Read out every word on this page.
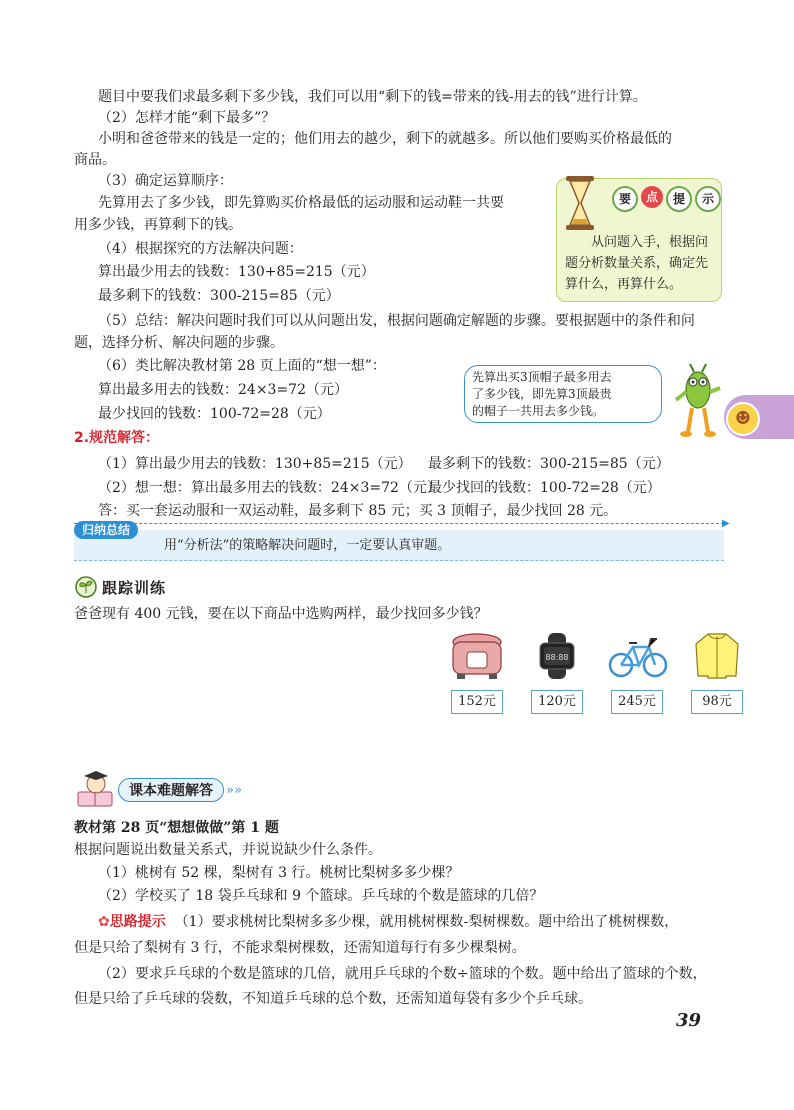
题目中要我们求最多剩下多少钱，我们可以用“剩下的钱=带来的钱-用去的钱”进行计算。
（2）怎样才能“剩下最多”？
小明和爸爸带来的钱是一定的；他们用去的越少，剩下的就越多。所以他们要购买价格最低的
商品。
（3）确定运算顺序：
先算用去了多少钱，即先算购买价格最低的运动服和运动鞋一共要
用多少钱，再算剩下的钱。
（4）根据探究的方法解决问题：
算出最少用去的钱数：130+85=215（元）
最多剩下的钱数：300-215=85（元）
（5）总结：解决问题时我们可以从问题出发，根据问题确定解题的步骤。要根据题中的条件和问
题，选择分析、解决问题的步骤。
（6）类比解决教材第 28 页上面的“想一想”：
算出最多用去的钱数：24×3=72（元）
最少找回的钱数：100-72=28（元）
要	点	提	示
从问题入手，根据问题分析数量关系，确定先算什么，再算什么。
先算出买3顶帽子最多用去
了多少钱，即先算3顶最贵
的帽子一共用去多少钱。	☻
2.规范解答：
（1）算出最少用去的钱数：130+85=215（元） 最多剩下的钱数：300-215=85（元）
（2）想一想：算出最多用去的钱数：24×3=72（元）
最少找回的钱数：100-72=28（元）
答：买一套运动服和一双运动鞋，最多剩下 85 元；买 3 顶帽子，最少找回 28 元。
▶
归纳总结
用“分析法”的策略解决问题时，一定要认真审题。
跟踪训练
爸爸现有 400 元钱，要在以下商品中选购两样，最少找回多少钱？
152元
88:88
120元	245元	98元
课本难题解答	»»
教材第 28 页“想想做做”第 1 题
根据问题说出数量关系式，并说说缺少什么条件。
（1）桃树有 52 棵，梨树有 3 行。桃树比梨树多多少棵？
（2）学校买了 18 袋乒乓球和 9 个篮球。乒乓球的个数是篮球的几倍？
✿思路提示 （1）要求桃树比梨树多多少棵，就用桃树棵数-梨树棵数。题中给出了桃树棵数，
但是只给了梨树有 3 行，不能求梨树棵数，还需知道每行有多少棵梨树。
（2）要求乒乓球的个数是篮球的几倍，就用乒乓球的个数÷篮球的个数。题中给出了篮球的个数，
但是只给了乒乓球的袋数，不知道乒乓球的总个数，还需知道每袋有多少个乒乓球。
39
